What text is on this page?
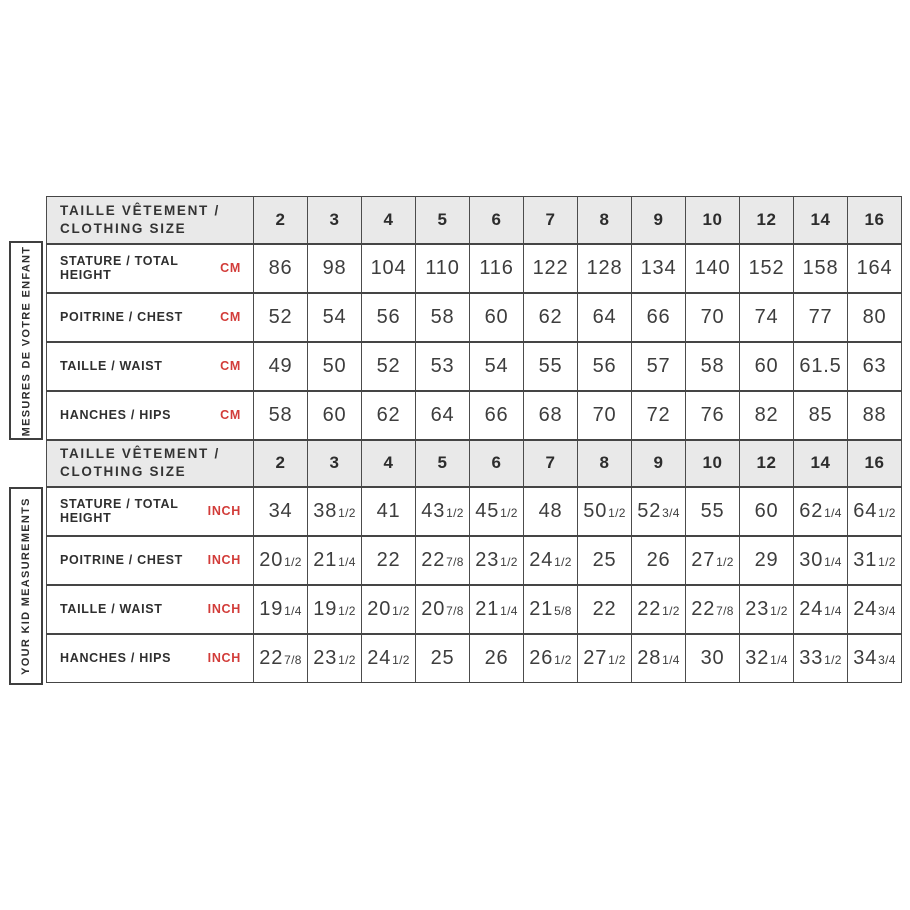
MESURES DE VOTRE ENFANT
YOUR KID MEASUREMENTS
TAILLE VÊTEMENT /
CLOTHING SIZE	2	3	4	5	6	7	8	9	10	12	14	16

STATURE / TOTAL HEIGHT CM	86	98	104	110	116	122	128	134	140	152	158	164

POITRINE / CHEST CM	52	54	56	58	60	62	64	66	70	74	77	80

TAILLE / WAIST CM	49	50	52	53	54	55	56	57	58	60	61.5	63

HANCHES / HIPS CM	58	60	62	64	66	68	70	72	76	82	85	88

TAILLE VÊTEMENT /
CLOTHING SIZE	2	3	4	5	6	7	8	9	10	12	14	16

STATURE / TOTAL HEIGHT INCH	34	381/2	41	431/2	451/2	48	501/2	523/4	55	60	621/4	641/2

POITRINE / CHEST INCH	201/2	211/4	22	227/8	231/2	241/2	25	26	271/2	29	301/4	311/2

TAILLE / WAIST INCH	191/4	191/2	201/2	207/8	211/4	215/8	22	221/2	227/8	231/2	241/4	243/4

HANCHES / HIPS INCH	227/8	231/2	241/2	25	26	261/2	271/2	281/4	30	321/4	331/2	343/4
